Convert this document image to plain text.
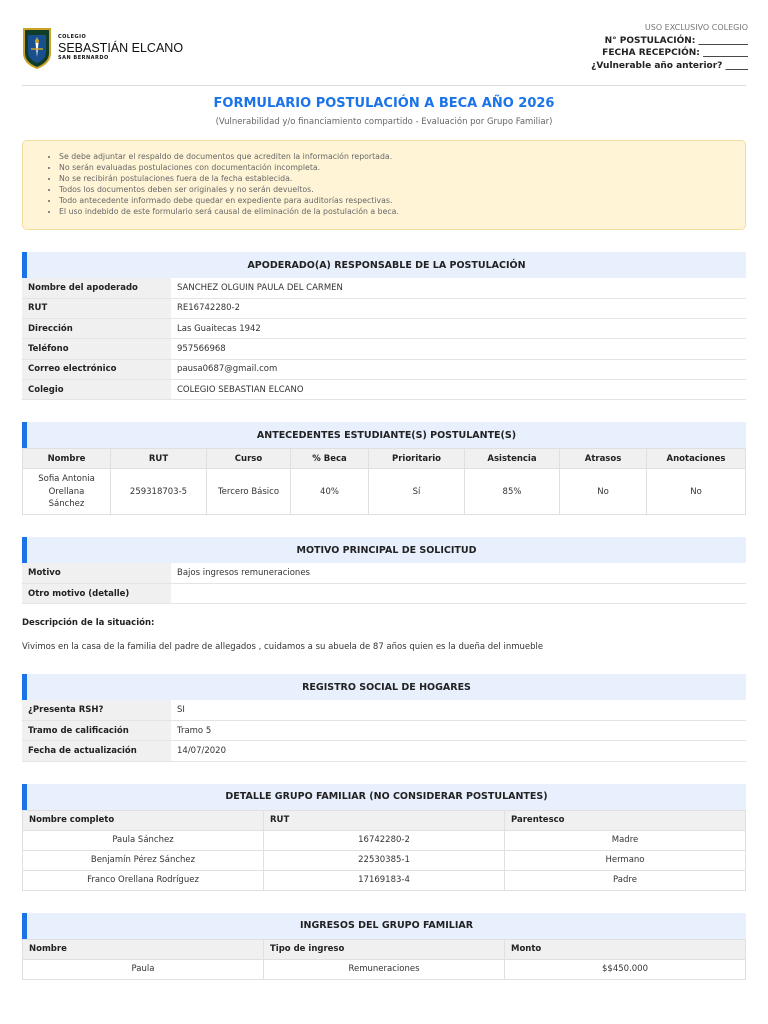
COLEGIO
SEBASTIÁN ELCANO
SAN BERNARDO
USO EXCLUSIVO COLEGIO
N° POSTULACIÓN: ___________
FECHA RECEPCIÓN: __________
¿Vulnerable año anterior? _____
FORMULARIO POSTULACIÓN A BECA AÑO 2026
(Vulnerabilidad y/o financiamiento compartido - Evaluación por Grupo Familiar)
• Se debe adjuntar el respaldo de documentos que acrediten la información reportada.
• No serán evaluadas postulaciones con documentación incompleta.
• No se recibirán postulaciones fuera de la fecha establecida.
• Todos los documentos deben ser originales y no serán devueltos.
• Todo antecedente informado debe quedar en expediente para auditorías respectivas.
• El uso indebido de este formulario será causal de eliminación de la postulación a beca.
APODERADO(A) RESPONSABLE DE LA POSTULACIÓN
Nombre del apoderado	SANCHEZ OLGUIN PAULA DEL CARMEN
RUT	RE16742280-2
Dirección	Las Guaitecas 1942
Teléfono	957566968
Correo electrónico	pausa0687@gmail.com
Colegio	COLEGIO SEBASTIAN ELCANO
ANTECEDENTES ESTUDIANTE(S) POSTULANTE(S)
Nombre	RUT	Curso	% Beca	Prioritario	Asistencia	Atrasos	Anotaciones

Sofia Antonia
Orellana
Sánchez	259318703-5	Tercero Básico	40%	Sí	85%	No	No
MOTIVO PRINCIPAL DE SOLICITUD
Motivo	Bajos ingresos remuneraciones
Otro motivo (detalle)	
Descripción de la situación:
Vivimos en la casa de la familia del padre de allegados , cuidamos a su abuela de 87 años quien es la dueña del inmueble
REGISTRO SOCIAL DE HOGARES
¿Presenta RSH?	SI
Tramo de calificación	Tramo 5
Fecha de actualización	14/07/2020
DETALLE GRUPO FAMILIAR (NO CONSIDERAR POSTULANTES)
Nombre completo	RUT	Parentesco
Paula Sánchez	16742280-2	Madre
Benjamín Pérez Sánchez	22530385-1	Hermano
Franco Orellana Rodríguez	17169183-4	Padre
INGRESOS DEL GRUPO FAMILIAR
Nombre	Tipo de ingreso	Monto
Paula	Remuneraciones	$$450.000
